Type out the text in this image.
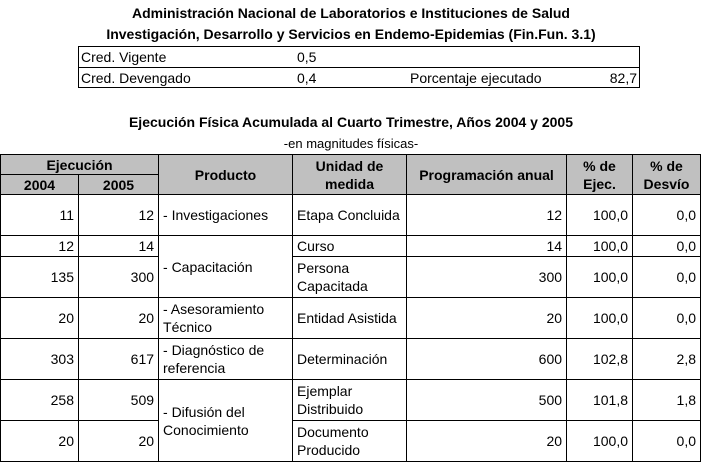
Administración Nacional de Laboratorios e Instituciones de Salud
Investigación, Desarrollo y Servicios en Endemo-Epidemias (Fin.Fun. 3.1)
Cred. Vigente	0,5
Cred. Devengado	0,4	Porcentaje ejecutado	82,7
Ejecución Física Acumulada al Cuarto Trimestre, Años 2004 y 2005
-en magnitudes físicas-
Ejecución		Producto	Unidad de medida	Programación anual	% de Ejec.	% de Desvío
2004	2005					
11	12	- Investigaciones	Etapa Concluida	12	100,0	0,0
12	14	- Capacitación	Curso	14	100,0	0,0
135	300		Persona Capacitada	300	100,0	0,0
20	20	- Asesoramiento Técnico	Entidad Asistida	20	100,0	0,0
303	617	- Diagnóstico de referencia	Determinación	600	102,8	2,8
258	509	- Difusión del Conocimiento	Ejemplar Distribuido	500	101,8	1,8
20	20		Documento Producido	20	100,0	0,0
